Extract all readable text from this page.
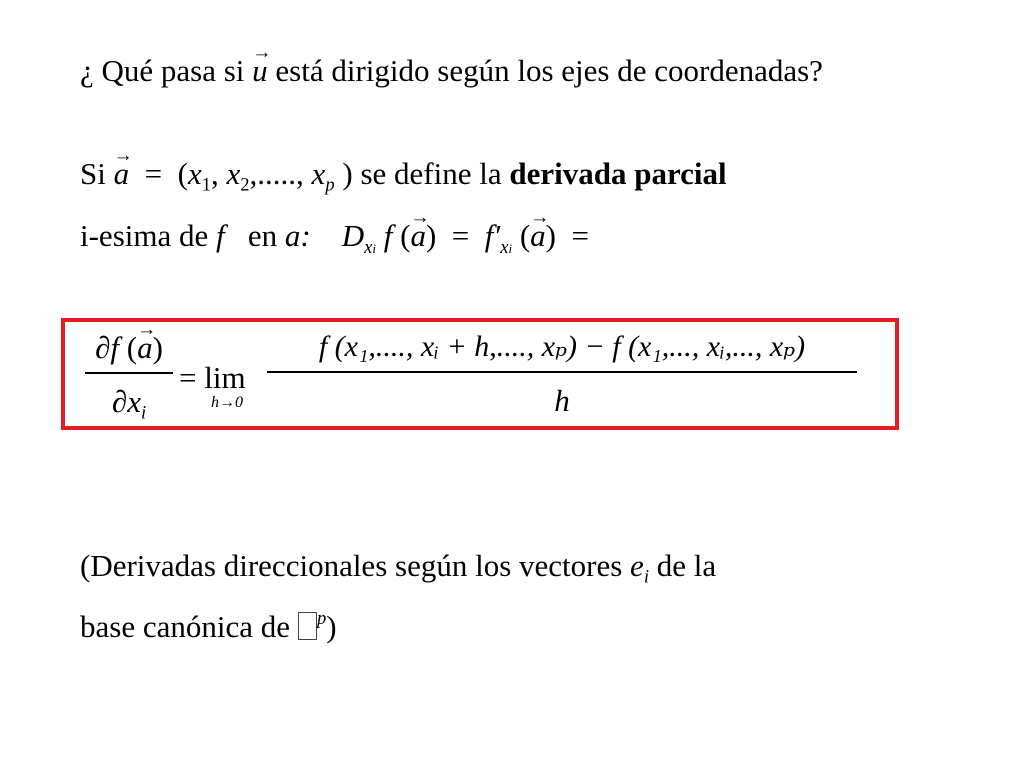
¿ Qué pasa si → u está dirigido según los ejes de coordenadas?
$Si \to a = (x_1$, $x_2$,....., $x_p$ ) se define la derivada parcial
i-esima de f en a: $D_{xi}$ f (→ $a) = f'_{xi}$ (→ a) =
∂f (→ a)
$\partial x_i$
= lim
h→0
f (x₁,...., xᵢ + h,...., xₚ) − f (x₁,..., xᵢ,..., xₚ)
h
(Derivadas direccionales según los vectores $e_i$ de la
base canónica de $^p$)
